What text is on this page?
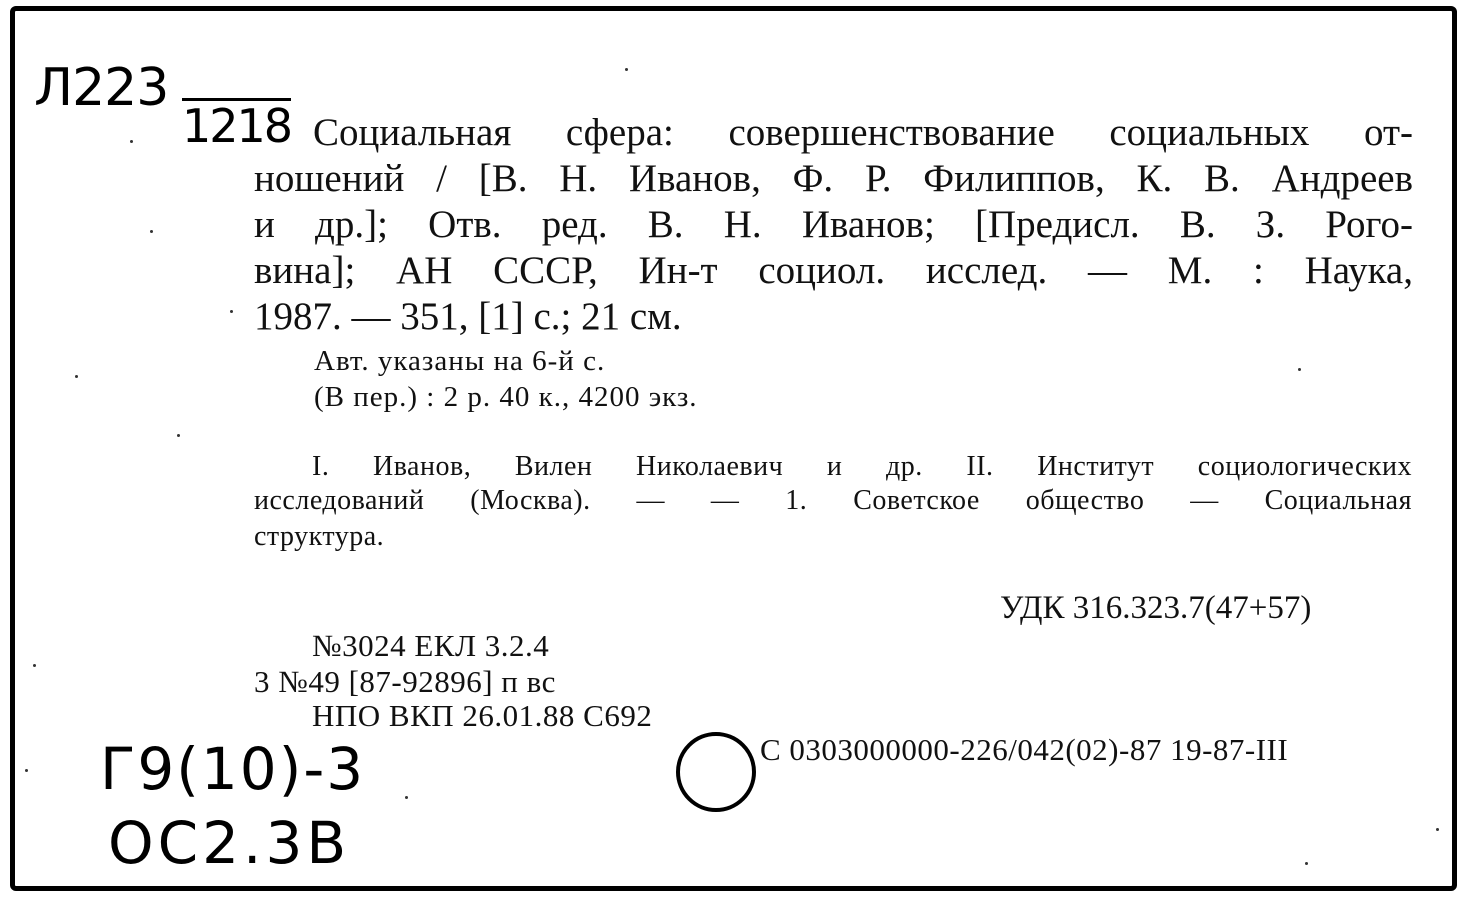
Л223
1218 Социальная сфера: совершенствование социальных от-
ношений / [В. Н. Иванов, Ф. Р. Филиппов, К. В. Андреев
и др.]; Отв. ред. В. Н. Иванов; [Предисл. В. З. Рого-
вина]; АН СССР, Ин-т социол. исслед. — М. : Наука,
1987. — 351, [1] с.; 21 см.
Авт. указаны на 6-й с.
(В пер.) : 2 р. 40 к., 4200 экз.
I. Иванов, Вилен Николаевич и др. II. Институт социологических
исследований (Москва). — — 1. Советское общество — Социальная
структура.
УДК 316.323.7(47+57)
№3024 ЕКЛ 3.2.4
3 №49 [87-92896] п вс
НПО ВКП 26.01.88 С692
С 0303000000-226/042(02)-87 19-87-III
Г9(10)-3
ОС2.3В
